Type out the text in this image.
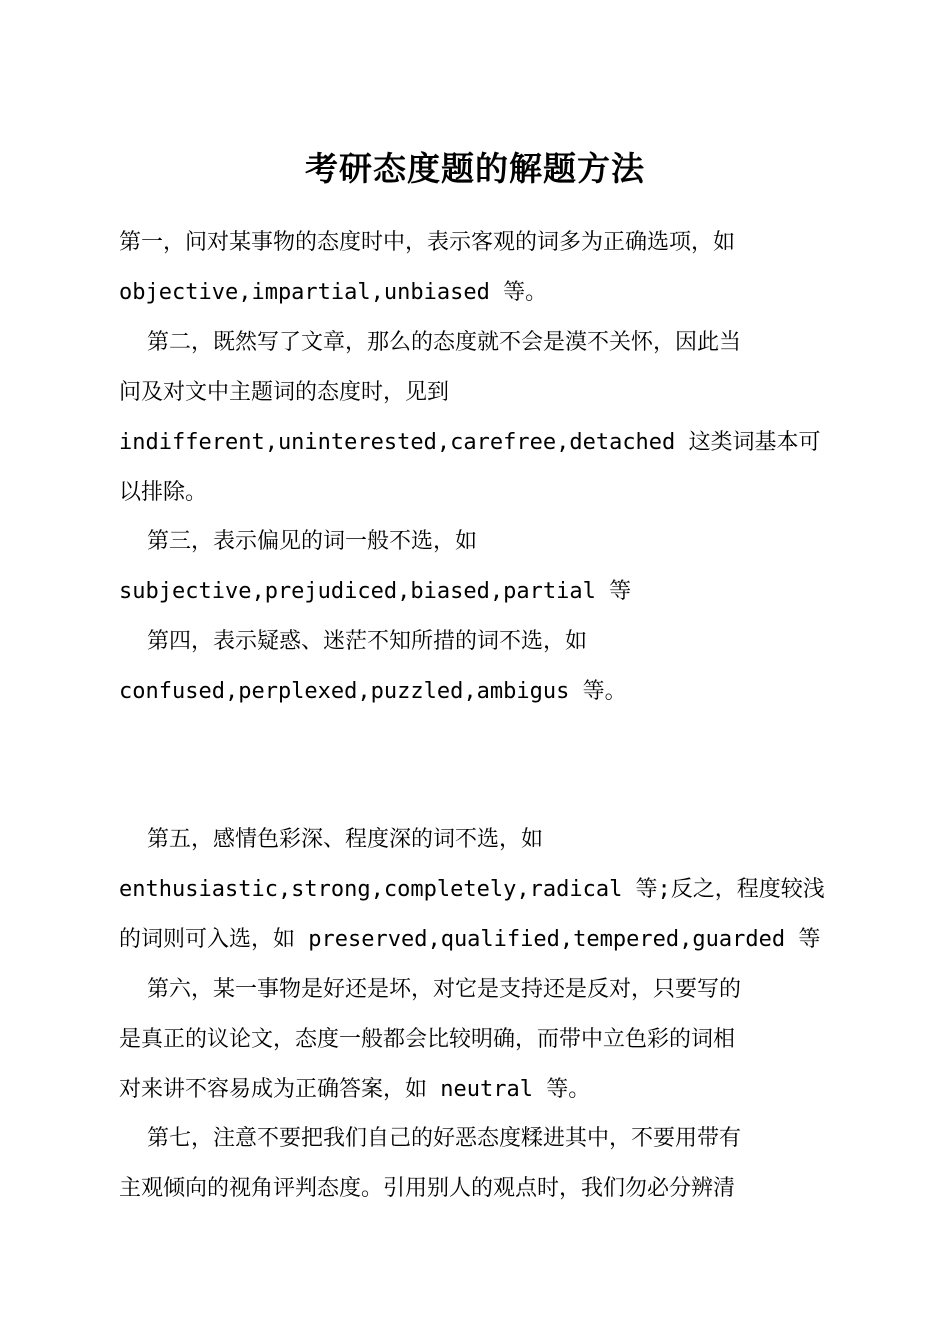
考研态度题的解题方法
第一，问对某事物的态度时中，表示客观的词多为正确选项，如
objective,impartial,unbiased 等。
第二，既然写了文章，那么的态度就不会是漠不关怀，因此当
问及对文中主题词的态度时，见到
indifferent,uninterested,carefree,detached 这类词基本可
以排除。
第三，表示偏见的词一般不选，如
subjective,prejudiced,biased,partial 等
第四，表示疑惑、迷茫不知所措的词不选，如
confused,perplexed,puzzled,ambigus 等。
第五，感情色彩深、程度深的词不选，如
enthusiastic,strong,completely,radical 等;反之，程度较浅
的词则可入选，如 preserved,qualified,tempered,guarded 等
第六，某一事物是好还是坏，对它是支持还是反对，只要写的
是真正的议论文，态度一般都会比较明确，而带中立色彩的词相
对来讲不容易成为正确答案，如 neutral 等。
第七，注意不要把我们自己的好恶态度糅进其中，不要用带有
主观倾向的视角评判态度。引用别人的观点时，我们勿必分辨清
